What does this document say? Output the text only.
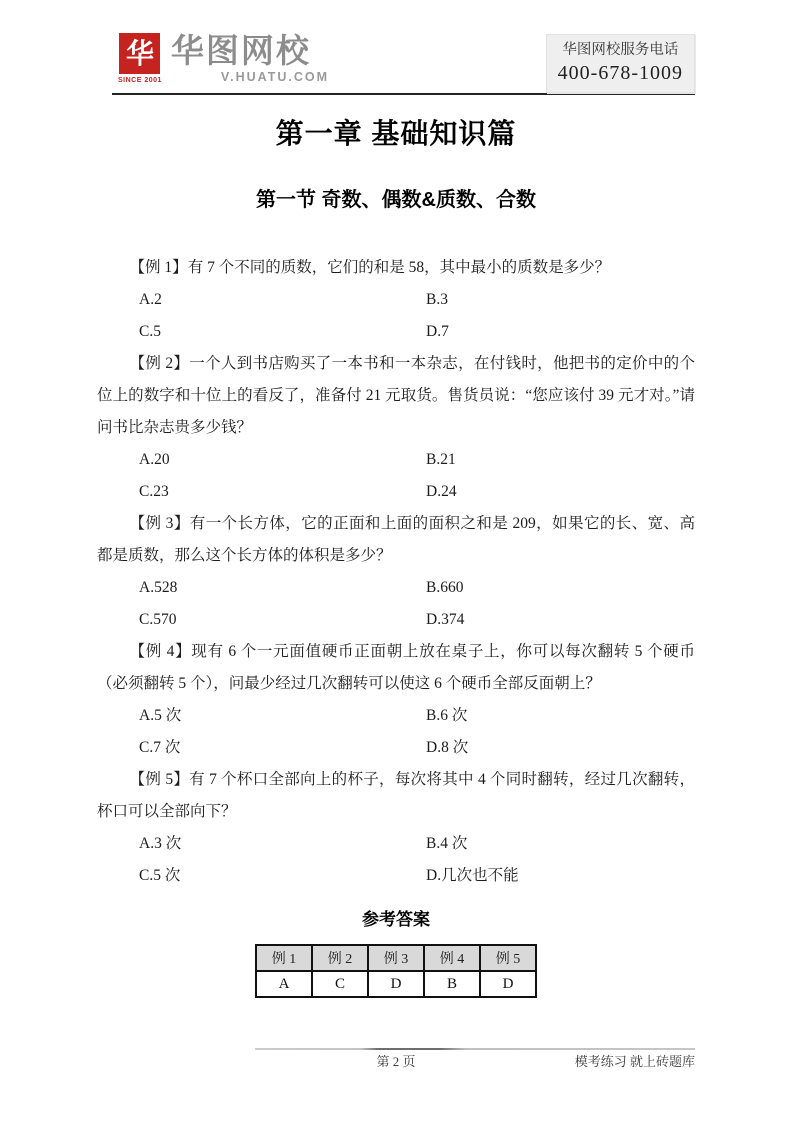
华
SINCE 2001
华图网校
V.HUATU.COM
华图网校服务电话
400-678-1009
第一章 基础知识篇
第一节 奇数、偶数&质数、合数

【例 1】有 7 个不同的质数，它们的和是 58，其中最小的质数是多少？

A.2	B.3
C.5	D.7

【例 2】一个人到书店购买了一本书和一本杂志，在付钱时，他把书的定价中的个位上的数字和十位上的看反了，准备付 21 元取货。售货员说：“您应该付 39 元才对。”请问书比杂志贵多少钱？

A.20	B.21
C.23	D.24

【例 3】有一个长方体，它的正面和上面的面积之和是 209，如果它的长、宽、高都是质数，那么这个长方体的体积是多少？

A.528	B.660
C.570	D.374

【例 4】现有 6 个一元面值硬币正面朝上放在桌子上，你可以每次翻转 5 个硬币（必须翻转 5 个），问最少经过几次翻转可以使这 6 个硬币全部反面朝上？

A.5 次	B.6 次
C.7 次	D.8 次

【例 5】有 7 个杯口全部向上的杯子，每次将其中 4 个同时翻转，经过几次翻转，杯口可以全部向下？

A.3 次	B.4 次
C.5 次	D.几次也不能
参考答案
例 1	例 2	例 3	例 4	例 5
A	C	D	B	D
第 2 页	模考练习 就上砖题库
